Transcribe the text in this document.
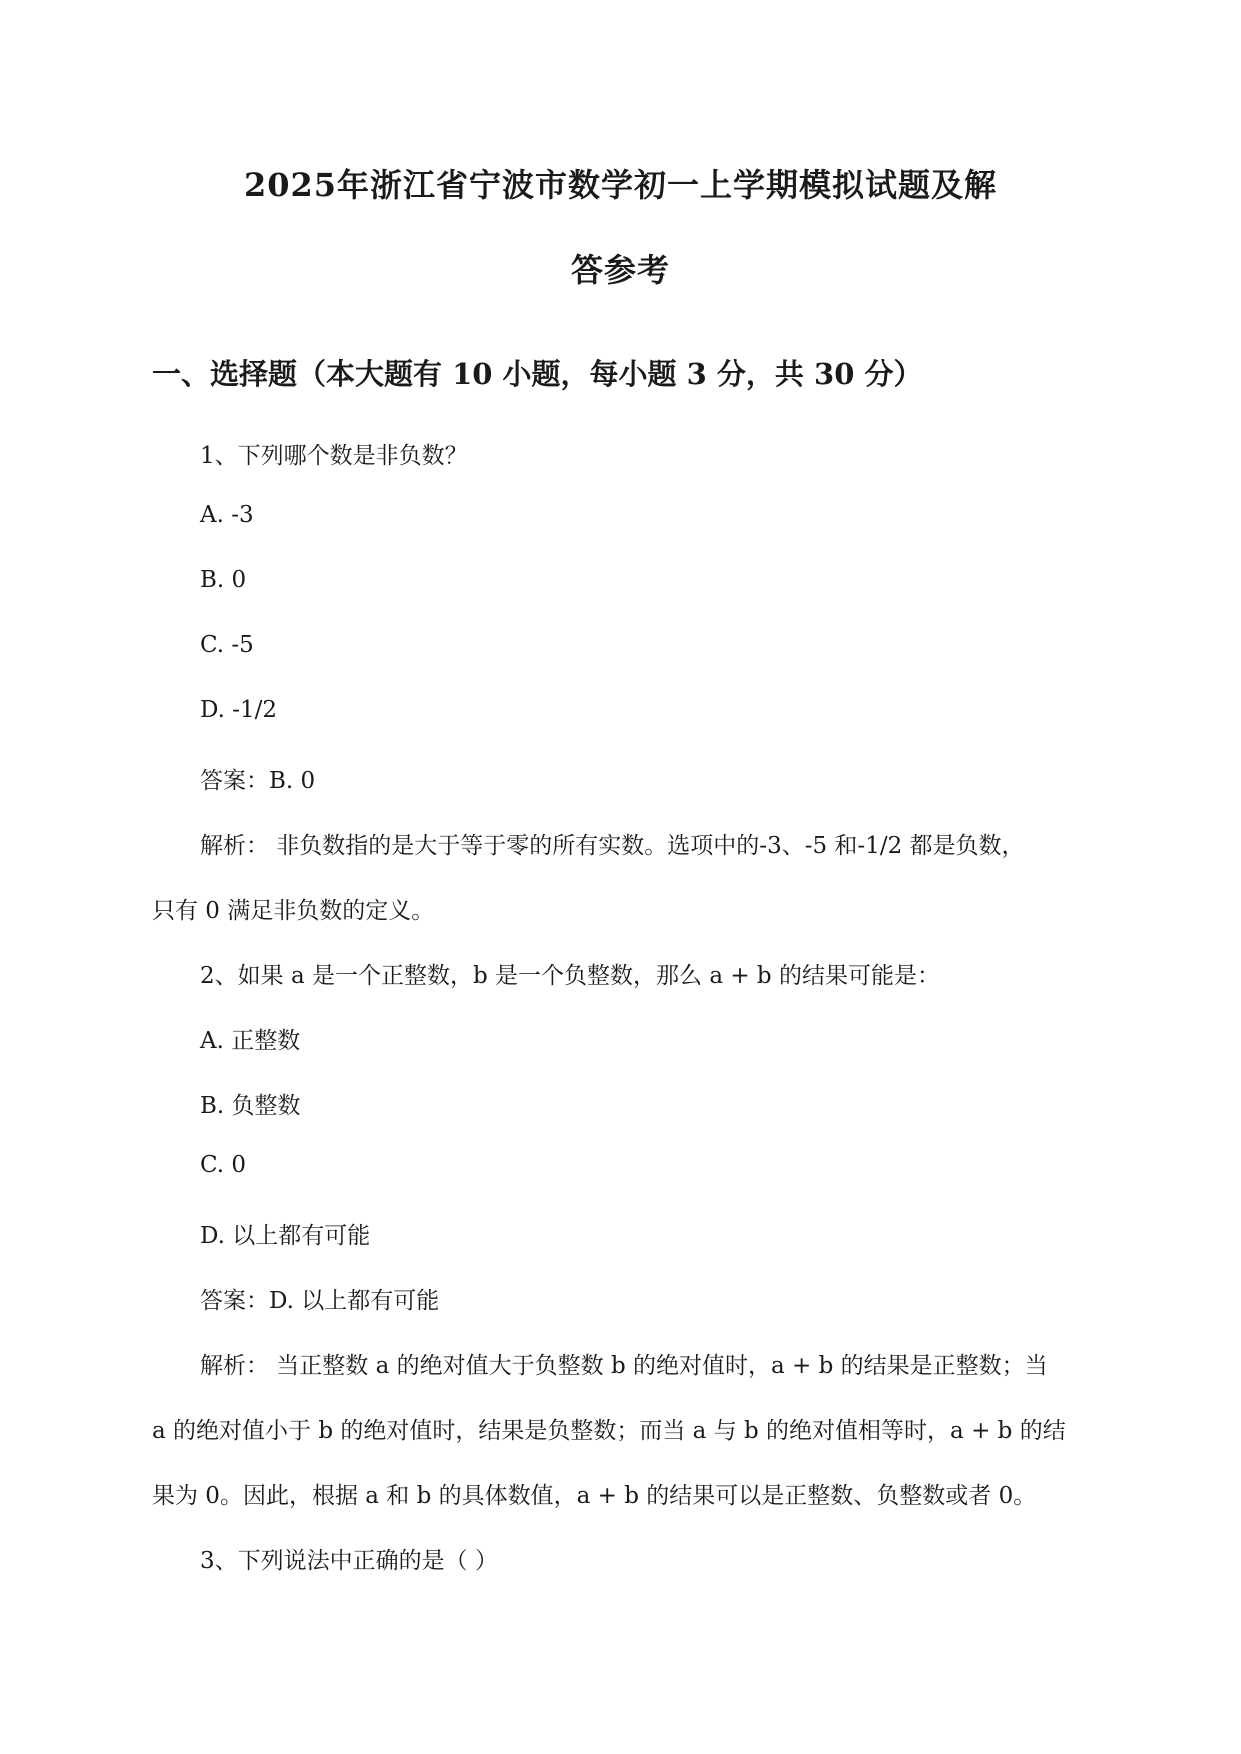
2025年浙江省宁波市数学初一上学期模拟试题及解
答参考
一、选择题（本大题有 10 小题，每小题 3 分，共 30 分）
1、下列哪个数是非负数？
A. -3
B. 0
C. -5
D. -1/2
答案：B. 0
解析： 非负数指的是大于等于零的所有实数。选项中的-3、-5 和-1/2 都是负数，
只有 0 满足非负数的定义。
2、如果 a 是一个正整数，b 是一个负整数，那么 a + b 的结果可能是：
A. 正整数
B. 负整数
C. 0
D. 以上都有可能
答案：D. 以上都有可能
解析： 当正整数 a 的绝对值大于负整数 b 的绝对值时，a + b 的结果是正整数；当
a 的绝对值小于 b 的绝对值时，结果是负整数；而当 a 与 b 的绝对值相等时，a + b 的结
果为 0。因此，根据 a 和 b 的具体数值，a + b 的结果可以是正整数、负整数或者 0。
3、下列说法中正确的是（ ）
